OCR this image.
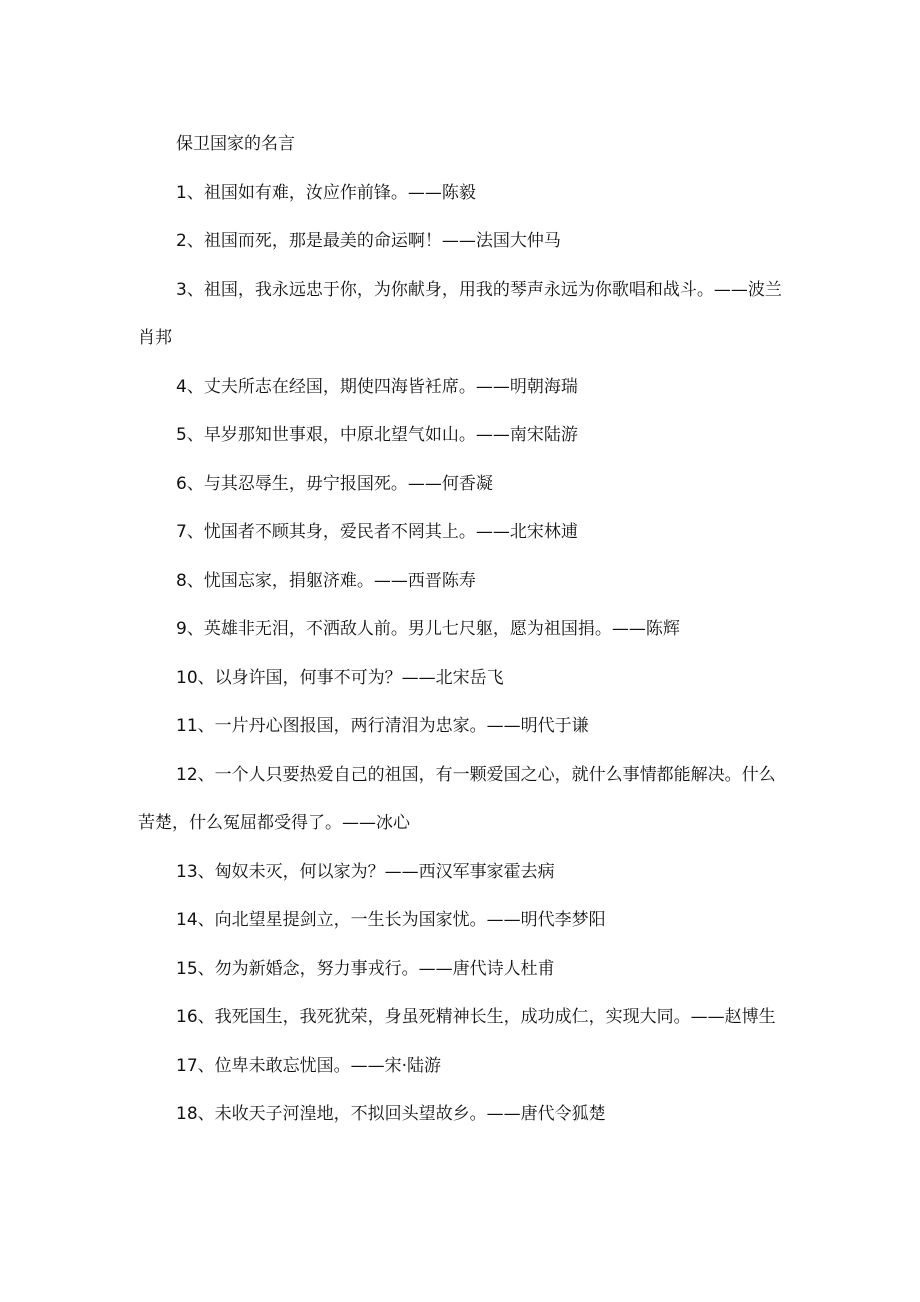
保卫国家的名言

1、祖国如有难，汝应作前锋。——陈毅

2、祖国而死，那是最美的命运啊！——法国大仲马

3、祖国，我永远忠于你，为你献身，用我的琴声永远为你歌唱和战斗。——波兰肖邦

4、丈夫所志在经国，期使四海皆衽席。——明朝海瑞

5、早岁那知世事艰，中原北望气如山。——南宋陆游

6、与其忍辱生，毋宁报国死。——何香凝

7、忧国者不顾其身，爱民者不罔其上。——北宋林逋

8、忧国忘家，捐躯济难。——西晋陈寿

9、英雄非无泪，不洒敌人前。男儿七尺躯，愿为祖国捐。——陈辉

10、以身许国，何事不可为？——北宋岳飞

11、一片丹心图报国，两行清泪为忠家。——明代于谦

12、一个人只要热爱自己的祖国，有一颗爱国之心，就什么事情都能解决。什么苦楚，什么冤屈都受得了。——冰心

13、匈奴未灭，何以家为？——西汉军事家霍去病

14、向北望星提剑立，一生长为国家忧。——明代李梦阳

15、勿为新婚念，努力事戎行。——唐代诗人杜甫

16、我死国生，我死犹荣，身虽死精神长生，成功成仁，实现大同。——赵博生

17、位卑未敢忘忧国。——宋·陆游

18、未收天子河湟地，不拟回头望故乡。——唐代令狐楚
